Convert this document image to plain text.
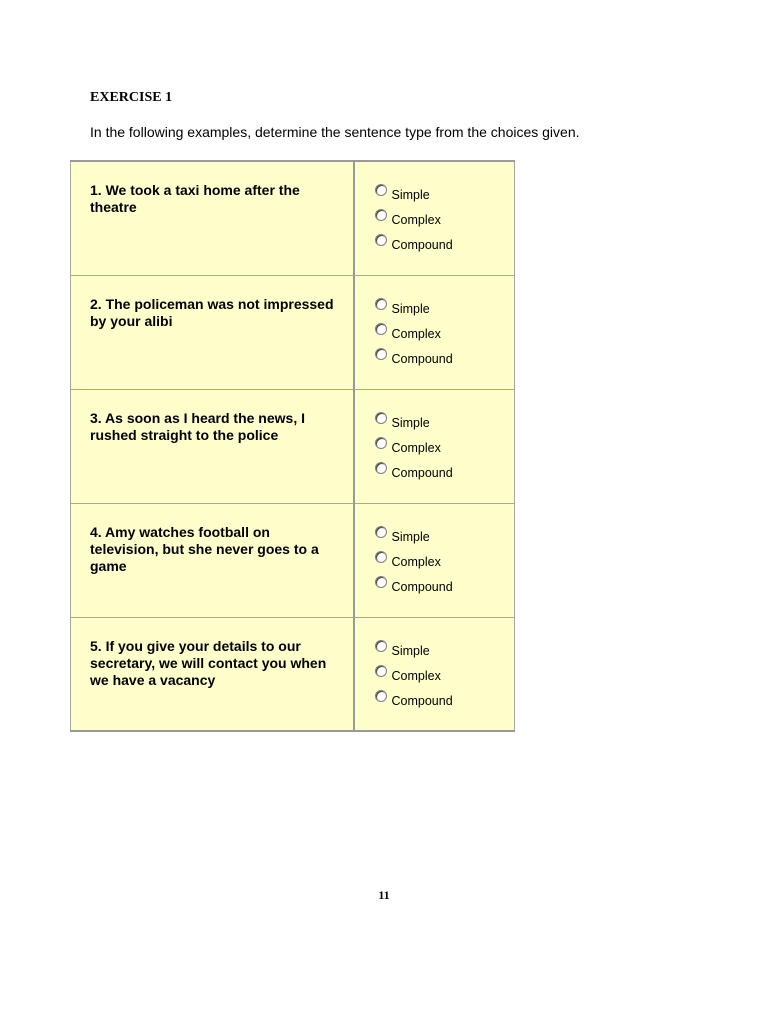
EXERCISE 1

In the following examples, determine the sentence type from the choices given.

1. We took a taxi home after the theatre	Simple
Complex
Compound

2. The policeman was not impressed by your alibi	Simple
Complex
Compound

3. As soon as I heard the news, I rushed straight to the police	Simple
Complex
Compound

4. Amy watches football on television, but she never goes to a game	Simple
Complex
Compound

5. If you give your details to our secretary, we will contact you when we have a vacancy	Simple
Complex
Compound

11
